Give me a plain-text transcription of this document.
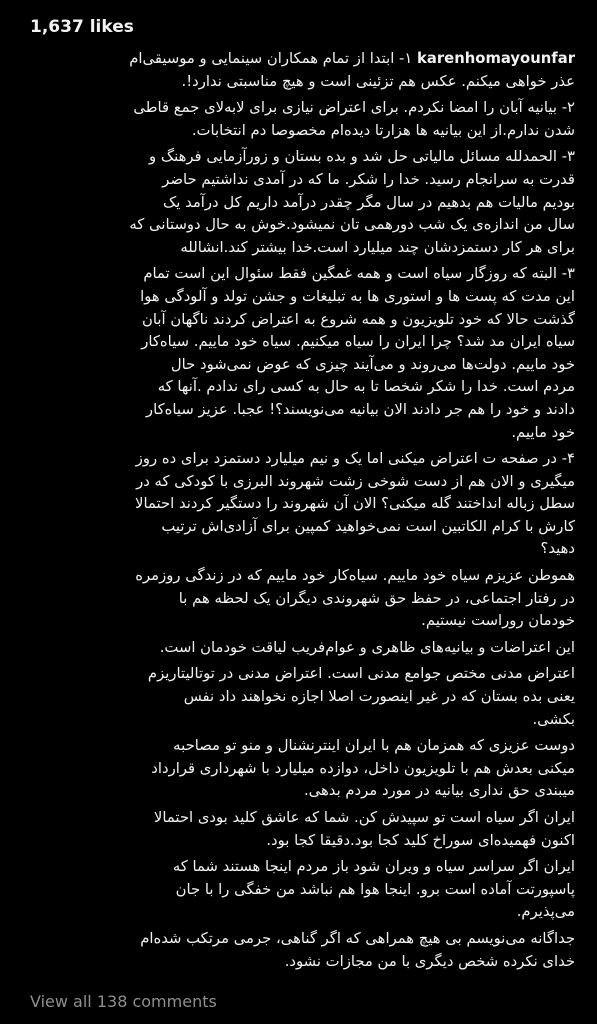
1,637 likes

karenhomayounfar ۱- ابتدا از تمام همکاران سینمایی و موسیقی‌ام
عذر خواهی میکنم. عکس هم تزئینی است و هیچ مناسبتی ندارد!.

۲- بیانیه آبان را امضا نکردم. برای اعتراض نیازی برای لابه‌لای جمع قاطی
شدن ندارم.از این بیانیه ها هزارتا دیده‌ام مخصوصا دم انتخابات.

۳- الحمدلله مسائل مالیاتی حل شد و بده بستان و زورآزمایی فرهنگ و
قدرت به سرانجام رسید. خدا را شکر. ما که در آمدی نداشتیم حاضر
بودیم مالیات هم بدهیم در سال مگر چقدر درآمد داریم کل درآمد یک
سال من اندازه‌ی یک شب دورهمی تان نمیشود.خوش به حال دوستانی که
برای هر کار دستمزدشان چند میلیارد است.خدا بیشتر کند.انشالله

۳- البته که روزگار سیاه است و همه غمگین فقط سئوال این است تمام
این مدت که پست ها و استوری ها به تبلیغات و جشن تولد و آلودگی هوا
گذشت حالا که خود تلویزیون و همه شروع به اعتراض کردند ناگهان آبان
سیاه ایران مد شد؟ چرا ایران را سیاه میکنیم. سیاه خود ماییم. سیاه‌کار
خود ماییم. دولت‌ها می‌روند و می‌آیند چیزی که عوض نمی‌شود حال
مردم است. خدا را شکر شخصا تا به حال به کسی رای ندادم .آنها که
دادند و خود را هم جر دادند الان بیانیه می‌نویسند؟! عجبا. عزیز سیاه‌کار
خود ماییم.

۴- در صفحه ت اعتراض میکنی اما یک و نیم میلیارد دستمزد برای ده روز
میگیری و الان هم از دست شوخی زشت شهروند البرزی با کودکی که در
سطل زباله انداختند گله میکنی؟ الان آن شهروند را دستگیر کردند احتمالا
کارش با کرام الکاتبین است نمی‌خواهید کمپین برای آزادی‌اش ترتیب
دهید؟

هموطن عزیزم سیاه خود ماییم. سیاه‌کار خود ماییم که در زندگی روزمره
در رفتار اجتماعی، در حفظ حق شهروندی دیگران یک لحظه هم با
خودمان رو‌راست نیستیم.

این اعتراضات و بیانیه‌های ظاهری و عوام‌فریب لیاقت خودمان است.

اعتراض مدنی مختص جوامع مدنی است. اعتراض مدنی در توتالیتاریزم
یعنی بده بستان که در غیر اینصورت اصلا اجازه نخواهند داد نفس
بکشی.

دوست عزیزی که همزمان هم با ایران اینترنشنال و منو تو مصاحبه
میکنی بعدش هم با تلویزیون داخل، دوازده میلیارد با شهرداری قرارداد
میبندی حق نداری بیانیه در مورد مردم بدهی.

ایران اگر سیاه است تو سپیدش کن. شما که عاشق کلید بودی احتمالا
اکنون فهمیده‌ای سوراخ کلید کجا بود.دقیقا کجا بود.

ایران اگر سراسر سیاه و ویران شود باز مردم اینجا هستند شما که
پاسپورتت آماده است برو. اینجا هوا هم نباشد من خفگی را با جان
می‌پذیرم.

جداگانه می‌نویسم بی هیچ همراهی که اگر گناهی، جرمی مرتکب شده‌ام
خدای نکرده شخص دیگری با من مجازات نشود.

View all 138 comments
